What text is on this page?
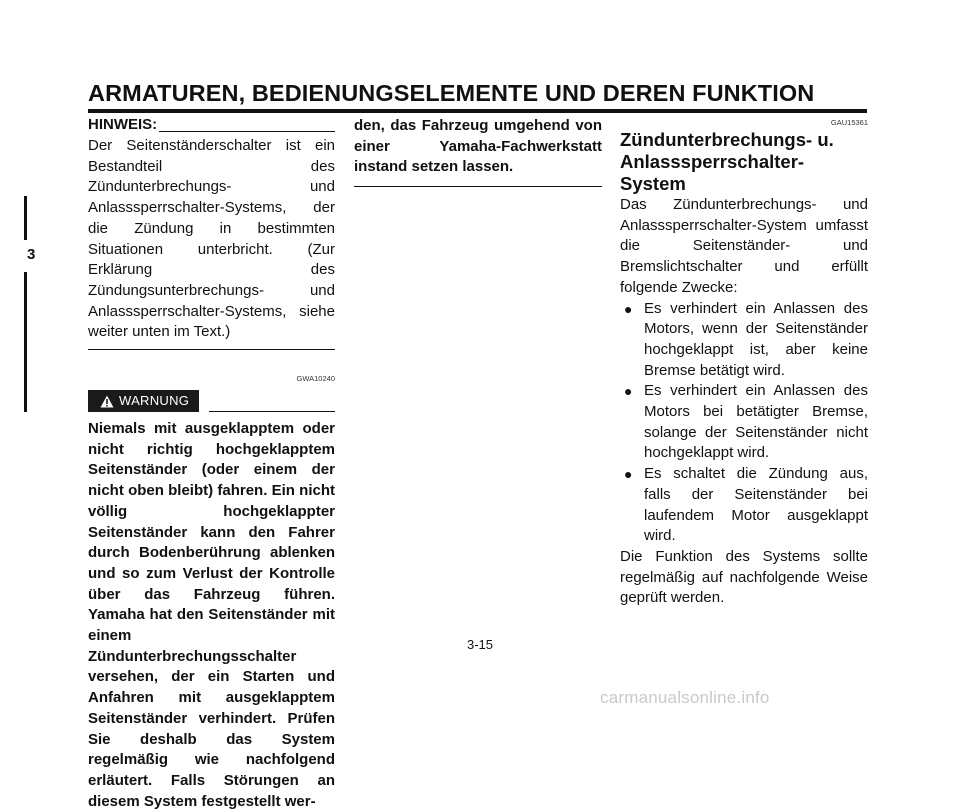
ARMATUREN, BEDIENUNGSELEMENTE UND DEREN FUNKTION
3
HINWEIS:
Der Seitenständerschalter ist ein Bestandteil des Zündunterbrechungs- und Anlasssperrschalter-Systems, der die Zündung in bestimmten Situationen unterbricht. (Zur Erklärung des Zündungsunterbrechungs- und Anlasssperrschalter-Systems, siehe weiter unten im Text.)
GWA10240
WARNUNG
Niemals mit ausgeklapptem oder nicht richtig hochgeklapptem Seitenständer (oder einem der nicht oben bleibt) fahren. Ein nicht völlig hochgeklappter Seitenständer kann den Fahrer durch Bodenberührung ablenken und so zum Verlust der Kontrolle über das Fahrzeug führen. Yamaha hat den Seitenständer mit einem Zündunterbrechungsschalter versehen, der ein Starten und Anfahren mit ausgeklapptem Seitenständer verhindert. Prüfen Sie deshalb das System regelmäßig wie nachfolgend erläutert. Falls Störungen an diesem System festgestellt wer-
den, das Fahrzeug umgehend von einer Yamaha-Fachwerkstatt instand setzen lassen.
GAU15361
Zündunterbrechungs- u.
Anlasssperrschalter-System
Das Zündunterbrechungs- und Anlasssperrschalter-System umfasst die Seitenständer- und Bremslichtschalter und erfüllt folgende Zwecke:
● Es verhindert ein Anlassen des Motors, wenn der Seitenständer hochgeklappt ist, aber keine Bremse betätigt wird.
● Es verhindert ein Anlassen des Motors bei betätigter Bremse, solange der Seitenständer nicht hochgeklappt wird.
● Es schaltet die Zündung aus, falls der Seitenständer bei laufendem Motor ausgeklappt wird.
Die Funktion des Systems sollte regelmäßig auf nachfolgende Weise geprüft werden.
3-15
carmanualsonline.info
